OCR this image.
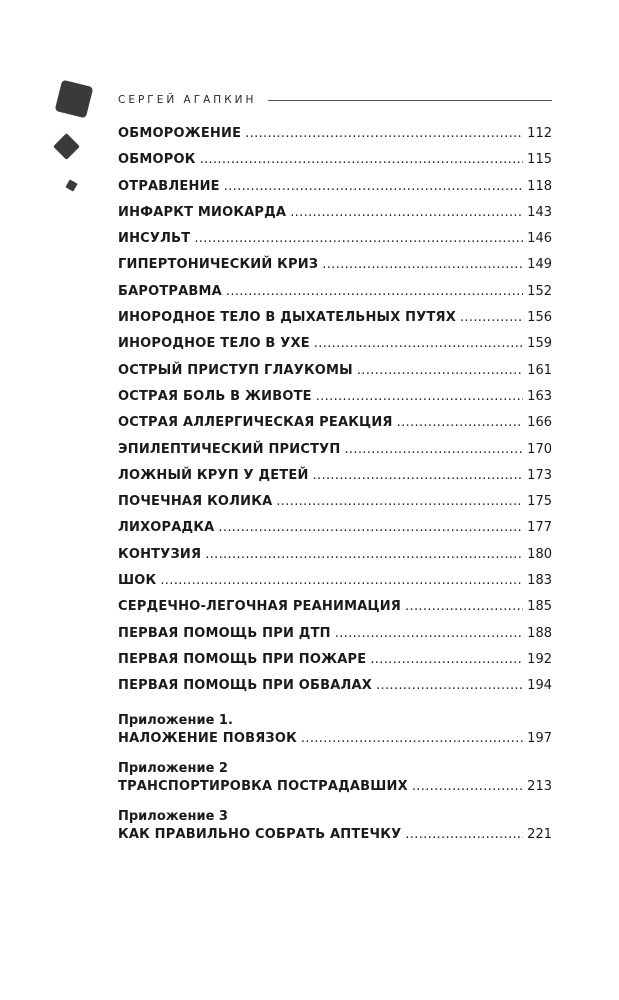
СЕРГЕЙ АГАПКИН
ОБМОРОЖЕНИЕ . . .	112
ОБМОРОК . . .	115
ОТРАВЛЕНИЕ . . .	118
ИНФАРКТ МИОКАРДА . . .	143
ИНСУЛЬТ . . .	146
ГИПЕРТОНИЧЕСКИЙ КРИЗ . . .	149
БАРОТРАВМА . . .	152
ИНОРОДНОЕ ТЕЛО В ДЫХАТЕЛЬНЫХ ПУТЯХ . . .	156
ИНОРОДНОЕ ТЕЛО В УХЕ . . .	159
ОСТРЫЙ ПРИСТУП ГЛАУКОМЫ . . .	161
ОСТРАЯ БОЛЬ В ЖИВОТЕ . . .	163
ОСТРАЯ АЛЛЕРГИЧЕСКАЯ РЕАКЦИЯ . . .	166
ЭПИЛЕПТИЧЕСКИЙ ПРИСТУП . . .	170
ЛОЖНЫЙ КРУП У ДЕТЕЙ . . .	173
ПОЧЕЧНАЯ КОЛИКА . . .	175
ЛИХОРАДКА . . .	177
КОНТУЗИЯ . . .	180
ШОК . . .	183
СЕРДЕЧНО-ЛЕГОЧНАЯ РЕАНИМАЦИЯ . . .	185
ПЕРВАЯ ПОМОЩЬ ПРИ ДТП . . .	188
ПЕРВАЯ ПОМОЩЬ ПРИ ПОЖАРЕ . . .	192
ПЕРВАЯ ПОМОЩЬ ПРИ ОБВАЛАХ . . .	194
Приложение 1.
НАЛОЖЕНИЕ ПОВЯЗОК . . .	197
Приложение 2
ТРАНСПОРТИРОВКА ПОСТРАДАВШИХ . . .	213
Приложение 3
КАК ПРАВИЛЬНО СОБРАТЬ АПТЕЧКУ . . .	221
